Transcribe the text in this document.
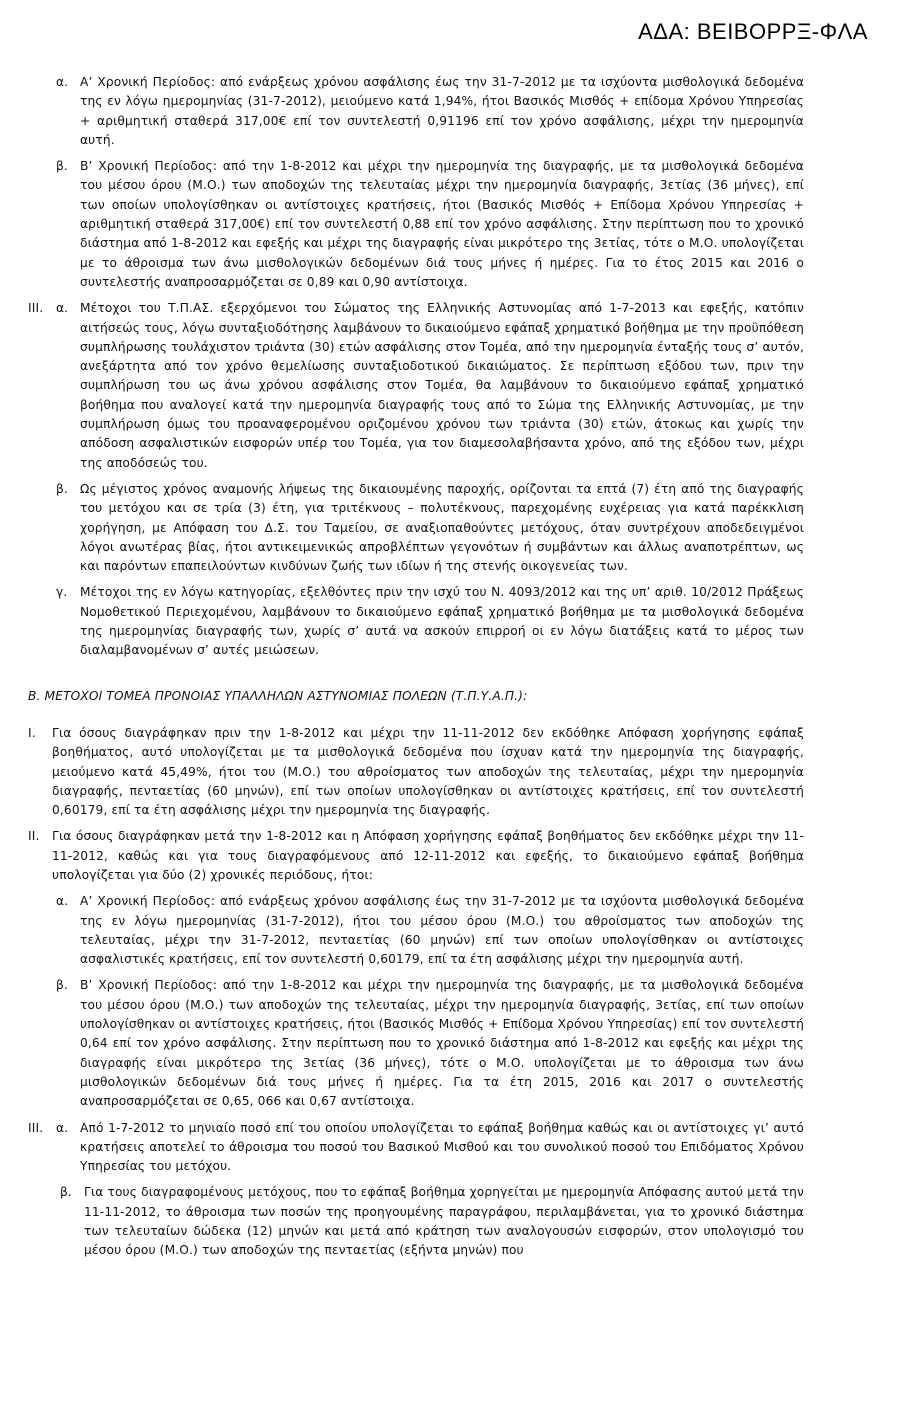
ΑΔΑ: ΒΕΙΒΟΡΡΞ-ΦΛΑ
α. Α’ Χρονική Περίοδος: από ενάρξεως χρόνου ασφάλισης έως την 31-7-2012 με τα ισχύοντα μισθολογικά δεδομένα της εν λόγω ημερομηνίας (31-7-2012), μειούμενο κατά 1,94%, ήτοι Βασικός Μισθός + επίδομα Χρόνου Υπηρεσίας + αριθμητική σταθερά 317,00€ επί τον συντελεστή 0,91196 επί τον χρόνο ασφάλισης, μέχρι την ημερομηνία αυτή.
β. Β’ Χρονική Περίοδος: από την 1-8-2012 και μέχρι την ημερομηνία της διαγραφής, με τα μισθολογικά δεδομένα του μέσου όρου (Μ.Ο.) των αποδοχών της τελευταίας μέχρι την ημερομηνία διαγραφής, 3ετίας (36 μήνες), επί των οποίων υπολογίσθηκαν οι αντίστοιχες κρατήσεις, ήτοι (Βασικός Μισθός + Επίδομα Χρόνου Υπηρεσίας + αριθμητική σταθερά 317,00€) επί τον συντελεστή 0,88 επί τον χρόνο ασφάλισης. Στην περίπτωση που το χρονικό διάστημα από 1-8-2012 και εφεξής και μέχρι της διαγραφής είναι μικρότερο της 3ετίας, τότε ο Μ.Ο. υπολογίζεται με το άθροισμα των άνω μισθολογικών δεδομένων διά τους μήνες ή ημέρες. Για το έτος 2015 και 2016 ο συντελεστής αναπροσαρμόζεται σε 0,89 και 0,90 αντίστοιχα.
ΙΙΙ. α. Μέτοχοι του Τ.Π.ΑΣ. εξερχόμενοι του Σώματος της Ελληνικής Αστυνομίας από 1-7-2013 και εφεξής, κατόπιν αιτήσεώς τους, λόγω συνταξιοδότησης λαμβάνουν το δικαιούμενο εφάπαξ χρηματικό βοήθημα με την προϋπόθεση συμπλήρωσης τουλάχιστον τριάντα (30) ετών ασφάλισης στον Τομέα, από την ημερομηνία ένταξής τους σ’ αυτόν, ανεξάρτητα από τον χρόνο θεμελίωσης συνταξιοδοτικού δικαιώματος. Σε περίπτωση εξόδου των, πριν την συμπλήρωση του ως άνω χρόνου ασφάλισης στον Τομέα, θα λαμβάνουν το δικαιούμενο εφάπαξ χρηματικό βοήθημα που αναλογεί κατά την ημερομηνία διαγραφής τους από το Σώμα της Ελληνικής Αστυνομίας, με την συμπλήρωση όμως του προαναφερομένου οριζομένου χρόνου των τριάντα (30) ετών, άτοκως και χωρίς την απόδοση ασφαλιστικών εισφορών υπέρ του Τομέα, για τον διαμεσολαβήσαντα χρόνο, από της εξόδου των, μέχρι της αποδόσεώς του.
β. Ως μέγιστος χρόνος αναμονής λήψεως της δικαιουμένης παροχής, ορίζονται τα επτά (7) έτη από της διαγραφής του μετόχου και σε τρία (3) έτη, για τριτέκνους – πολυτέκνους, παρεχομένης ευχέρειας για κατά παρέκκλιση χορήγηση, με Απόφαση του Δ.Σ. του Ταμείου, σε αναξιοπαθούντες μετόχους, όταν συντρέχουν αποδεδειγμένοι λόγοι ανωτέρας βίας, ήτοι αντικειμενικώς απροβλέπτων γεγονότων ή συμβάντων και άλλως αναποτρέπτων, ως και παρόντων επαπειλούντων κινδύνων ζωής των ιδίων ή της στενής οικογενείας των.
γ. Μέτοχοι της εν λόγω κατηγορίας, εξελθόντες πριν την ισχύ του Ν. 4093/2012 και της υπ’ αριθ. 10/2012 Πράξεως Νομοθετικού Περιεχομένου, λαμβάνουν το δικαιούμενο εφάπαξ χρηματικό βοήθημα με τα μισθολογικά δεδομένα της ημερομηνίας διαγραφής των, χωρίς σ’ αυτά να ασκούν επιρροή οι εν λόγω διατάξεις κατά το μέρος των διαλαμβανομένων σ’ αυτές μειώσεων.
Β. ΜΕΤΟΧΟΙ ΤΟΜΕΑ ΠΡΟΝΟΙΑΣ ΥΠΑΛΛΗΛΩΝ ΑΣΤΥΝΟΜΙΑΣ ΠΟΛΕΩΝ (Τ.Π.Υ.Α.Π.):
Ι. Για όσους διαγράφηκαν πριν την 1-8-2012 και μέχρι την 11-11-2012 δεν εκδόθηκε Απόφαση χορήγησης εφάπαξ βοηθήματος, αυτό υπολογίζεται με τα μισθολογικά δεδομένα που ίσχυαν κατά την ημερομηνία της διαγραφής, μειούμενο κατά 45,49%, ήτοι του (Μ.Ο.) του αθροίσματος των αποδοχών της τελευταίας, μέχρι την ημερομηνία διαγραφής, πενταετίας (60 μηνών), επί των οποίων υπολογίσθηκαν οι αντίστοιχες κρατήσεις, επί τον συντελεστή 0,60179, επί τα έτη ασφάλισης μέχρι την ημερομηνία της διαγραφής.
ΙΙ. Για όσους διαγράφηκαν μετά την 1-8-2012 και η Απόφαση χορήγησης εφάπαξ βοηθήματος δεν εκδόθηκε μέχρι την 11-11-2012, καθώς και για τους διαγραφόμενους από 12-11-2012 και εφεξής, το δικαιούμενο εφάπαξ βοήθημα υπολογίζεται για δύο (2) χρονικές περιόδους, ήτοι:
α. Α’ Χρονική Περίοδος: από ενάρξεως χρόνου ασφάλισης έως την 31-7-2012 με τα ισχύοντα μισθολογικά δεδομένα της εν λόγω ημερομηνίας (31-7-2012), ήτοι του μέσου όρου (Μ.Ο.) του αθροίσματος των αποδοχών της τελευταίας, μέχρι την 31-7-2012, πενταετίας (60 μηνών) επί των οποίων υπολογίσθηκαν οι αντίστοιχες ασφαλιστικές κρατήσεις, επί τον συντελεστή 0,60179, επί τα έτη ασφάλισης μέχρι την ημερομηνία αυτή.
β. Β’ Χρονική Περίοδος: από την 1-8-2012 και μέχρι την ημερομηνία της διαγραφής, με τα μισθολογικά δεδομένα του μέσου όρου (Μ.Ο.) των αποδοχών της τελευταίας, μέχρι την ημερομηνία διαγραφής, 3ετίας, επί των οποίων υπολογίσθηκαν οι αντίστοιχες κρατήσεις, ήτοι (Βασικός Μισθός + Επίδομα Χρόνου Υπηρεσίας) επί τον συντελεστή 0,64 επί τον χρόνο ασφάλισης. Στην περίπτωση που το χρονικό διάστημα από 1-8-2012 και εφεξής και μέχρι της διαγραφής είναι μικρότερο της 3ετίας (36 μήνες), τότε ο Μ.Ο. υπολογίζεται με το άθροισμα των άνω μισθολογικών δεδομένων διά τους μήνες ή ημέρες. Για τα έτη 2015, 2016 και 2017 ο συντελεστής αναπροσαρμόζεται σε 0,65, 066 και 0,67 αντίστοιχα.
ΙΙΙ. α. Από 1-7-2012 το μηνιαίο ποσό επί του οποίου υπολογίζεται το εφάπαξ βοήθημα καθώς και οι αντίστοιχες γι’ αυτό κρατήσεις αποτελεί το άθροισμα του ποσού του Βασικού Μισθού και του συνολικού ποσού του Επιδόματος Χρόνου Υπηρεσίας του μετόχου.
β. Για τους διαγραφομένους μετόχους, που το εφάπαξ βοήθημα χορηγείται με ημερομηνία Απόφασης αυτού μετά την 11-11-2012, το άθροισμα των ποσών της προηγουμένης παραγράφου, περιλαμβάνεται, για το χρονικό διάστημα των τελευταίων δώδεκα (12) μηνών και μετά από κράτηση των αναλογουσών εισφορών, στον υπολογισμό του μέσου όρου (Μ.Ο.) των αποδοχών της πενταετίας (εξήντα μηνών) που
